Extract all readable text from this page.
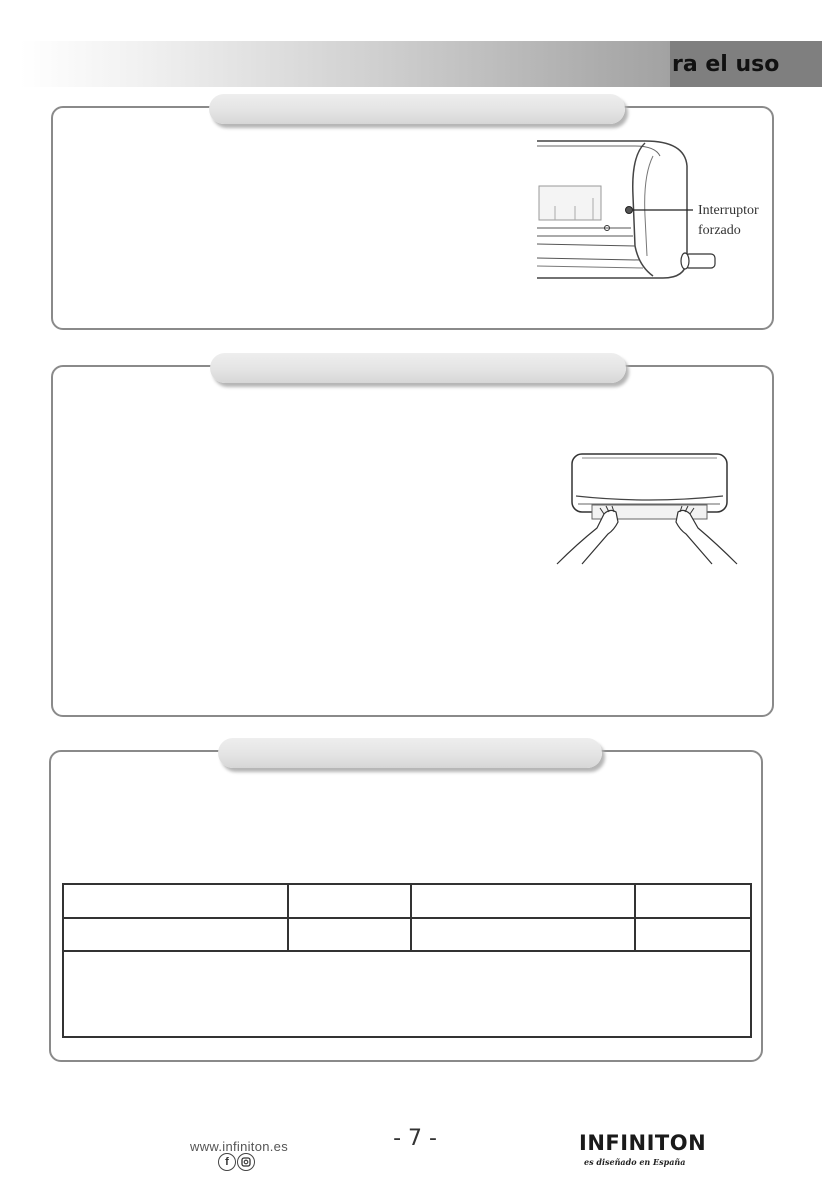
ra el uso
Interruptor
forzado

www.infiniton.es
f
- 7 -	INFINITON
es diseñado en España
